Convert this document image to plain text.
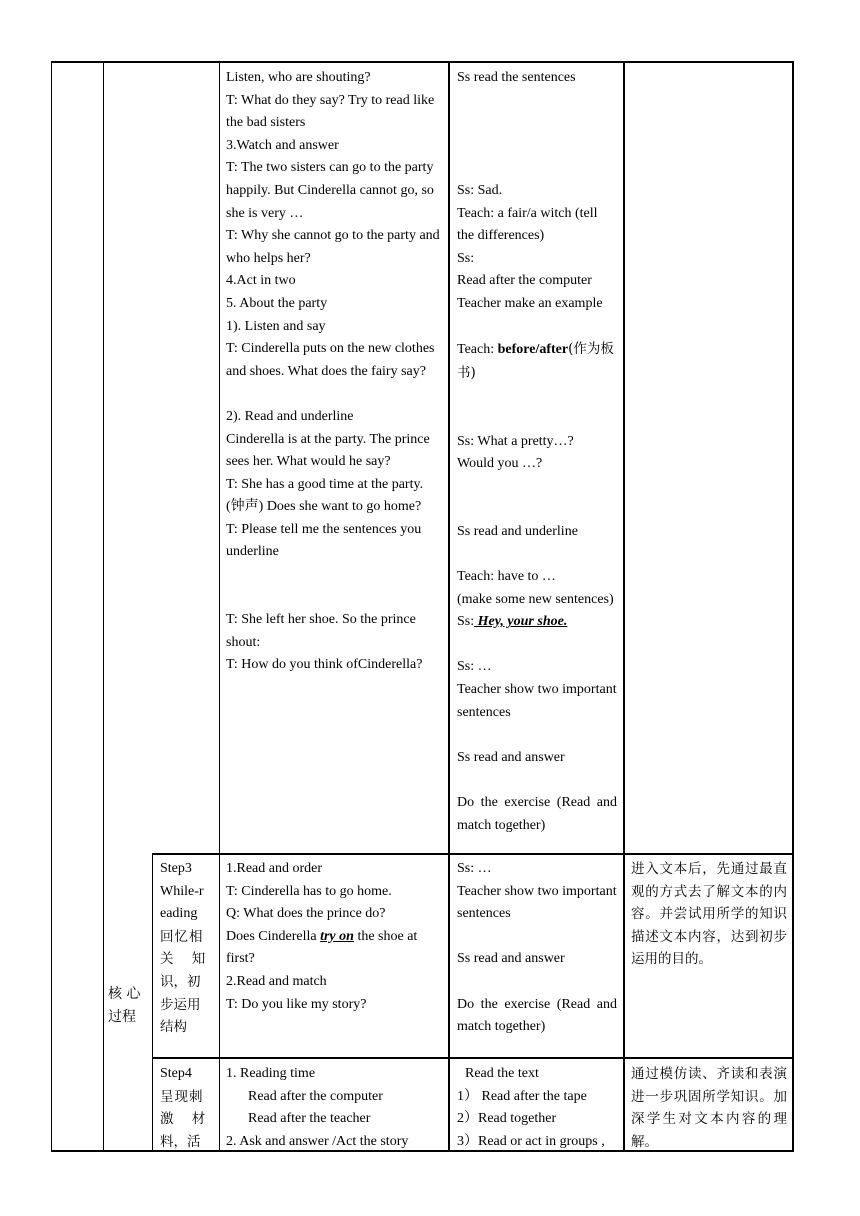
Listen, who are shouting?

T: What do they say? Try to read like the bad sisters

3.Watch and answer

T: The two sisters can go to the party happily. But Cinderella cannot go, so she is very …

T: Why she cannot go to the party and who helps her?

4.Act in two

5. About the party

1). Listen and say

T: Cinderella puts on the new clothes and shoes. What does the fairy say?

2). Read and underline

Cinderella is at the party. The prince sees her. What would he say?

T: She has a good time at the party. (钟声) Does she want to go home?

T: Please tell me the sentences you underline

T: She left her shoe. So the prince shout:

T: How do you think ofCinderella?

Ss read the sentences

Ss: Sad.

Teach: a fair/a witch (tell the differences)

Ss:

Read after the computer

Teacher make an example

Teach: before/after(作为板书)

Ss: What a pretty…?

Would you …?

Ss read and underline

Teach: have to …

(make some new sentences)

Ss: Hey, your shoe.

Ss: …

Teacher show two important sentences

Ss read and answer

Do the exercise (Read and match together)

核 心 过程

Step3

While-r

eading

回忆相

关 知

识，初

步运用

结构

1.Read and order

T: Cinderella has to go home.

Q: What does the prince do?

Does Cinderella try on the shoe at first?

2.Read and match

T: Do you like my story?

Ss: …

Teacher show two important sentences

Ss read and answer

Do the exercise (Read and match together)

进入文本后，先通过最直观的方式去了解文本的内容。并尝试用所学的知识描述文本内容，达到初步运用的目的。

Step4

呈现刺

激 材

料，活

1. Reading time

Read after the computer

Read after the teacher

2. Ask and answer /Act the story

Read the text

1） Read after the tape

2）Read together

3）Read or act in groups ,

通过模仿读、齐读和表演进一步巩固所学知识。加深学生对文本内容的理解。
